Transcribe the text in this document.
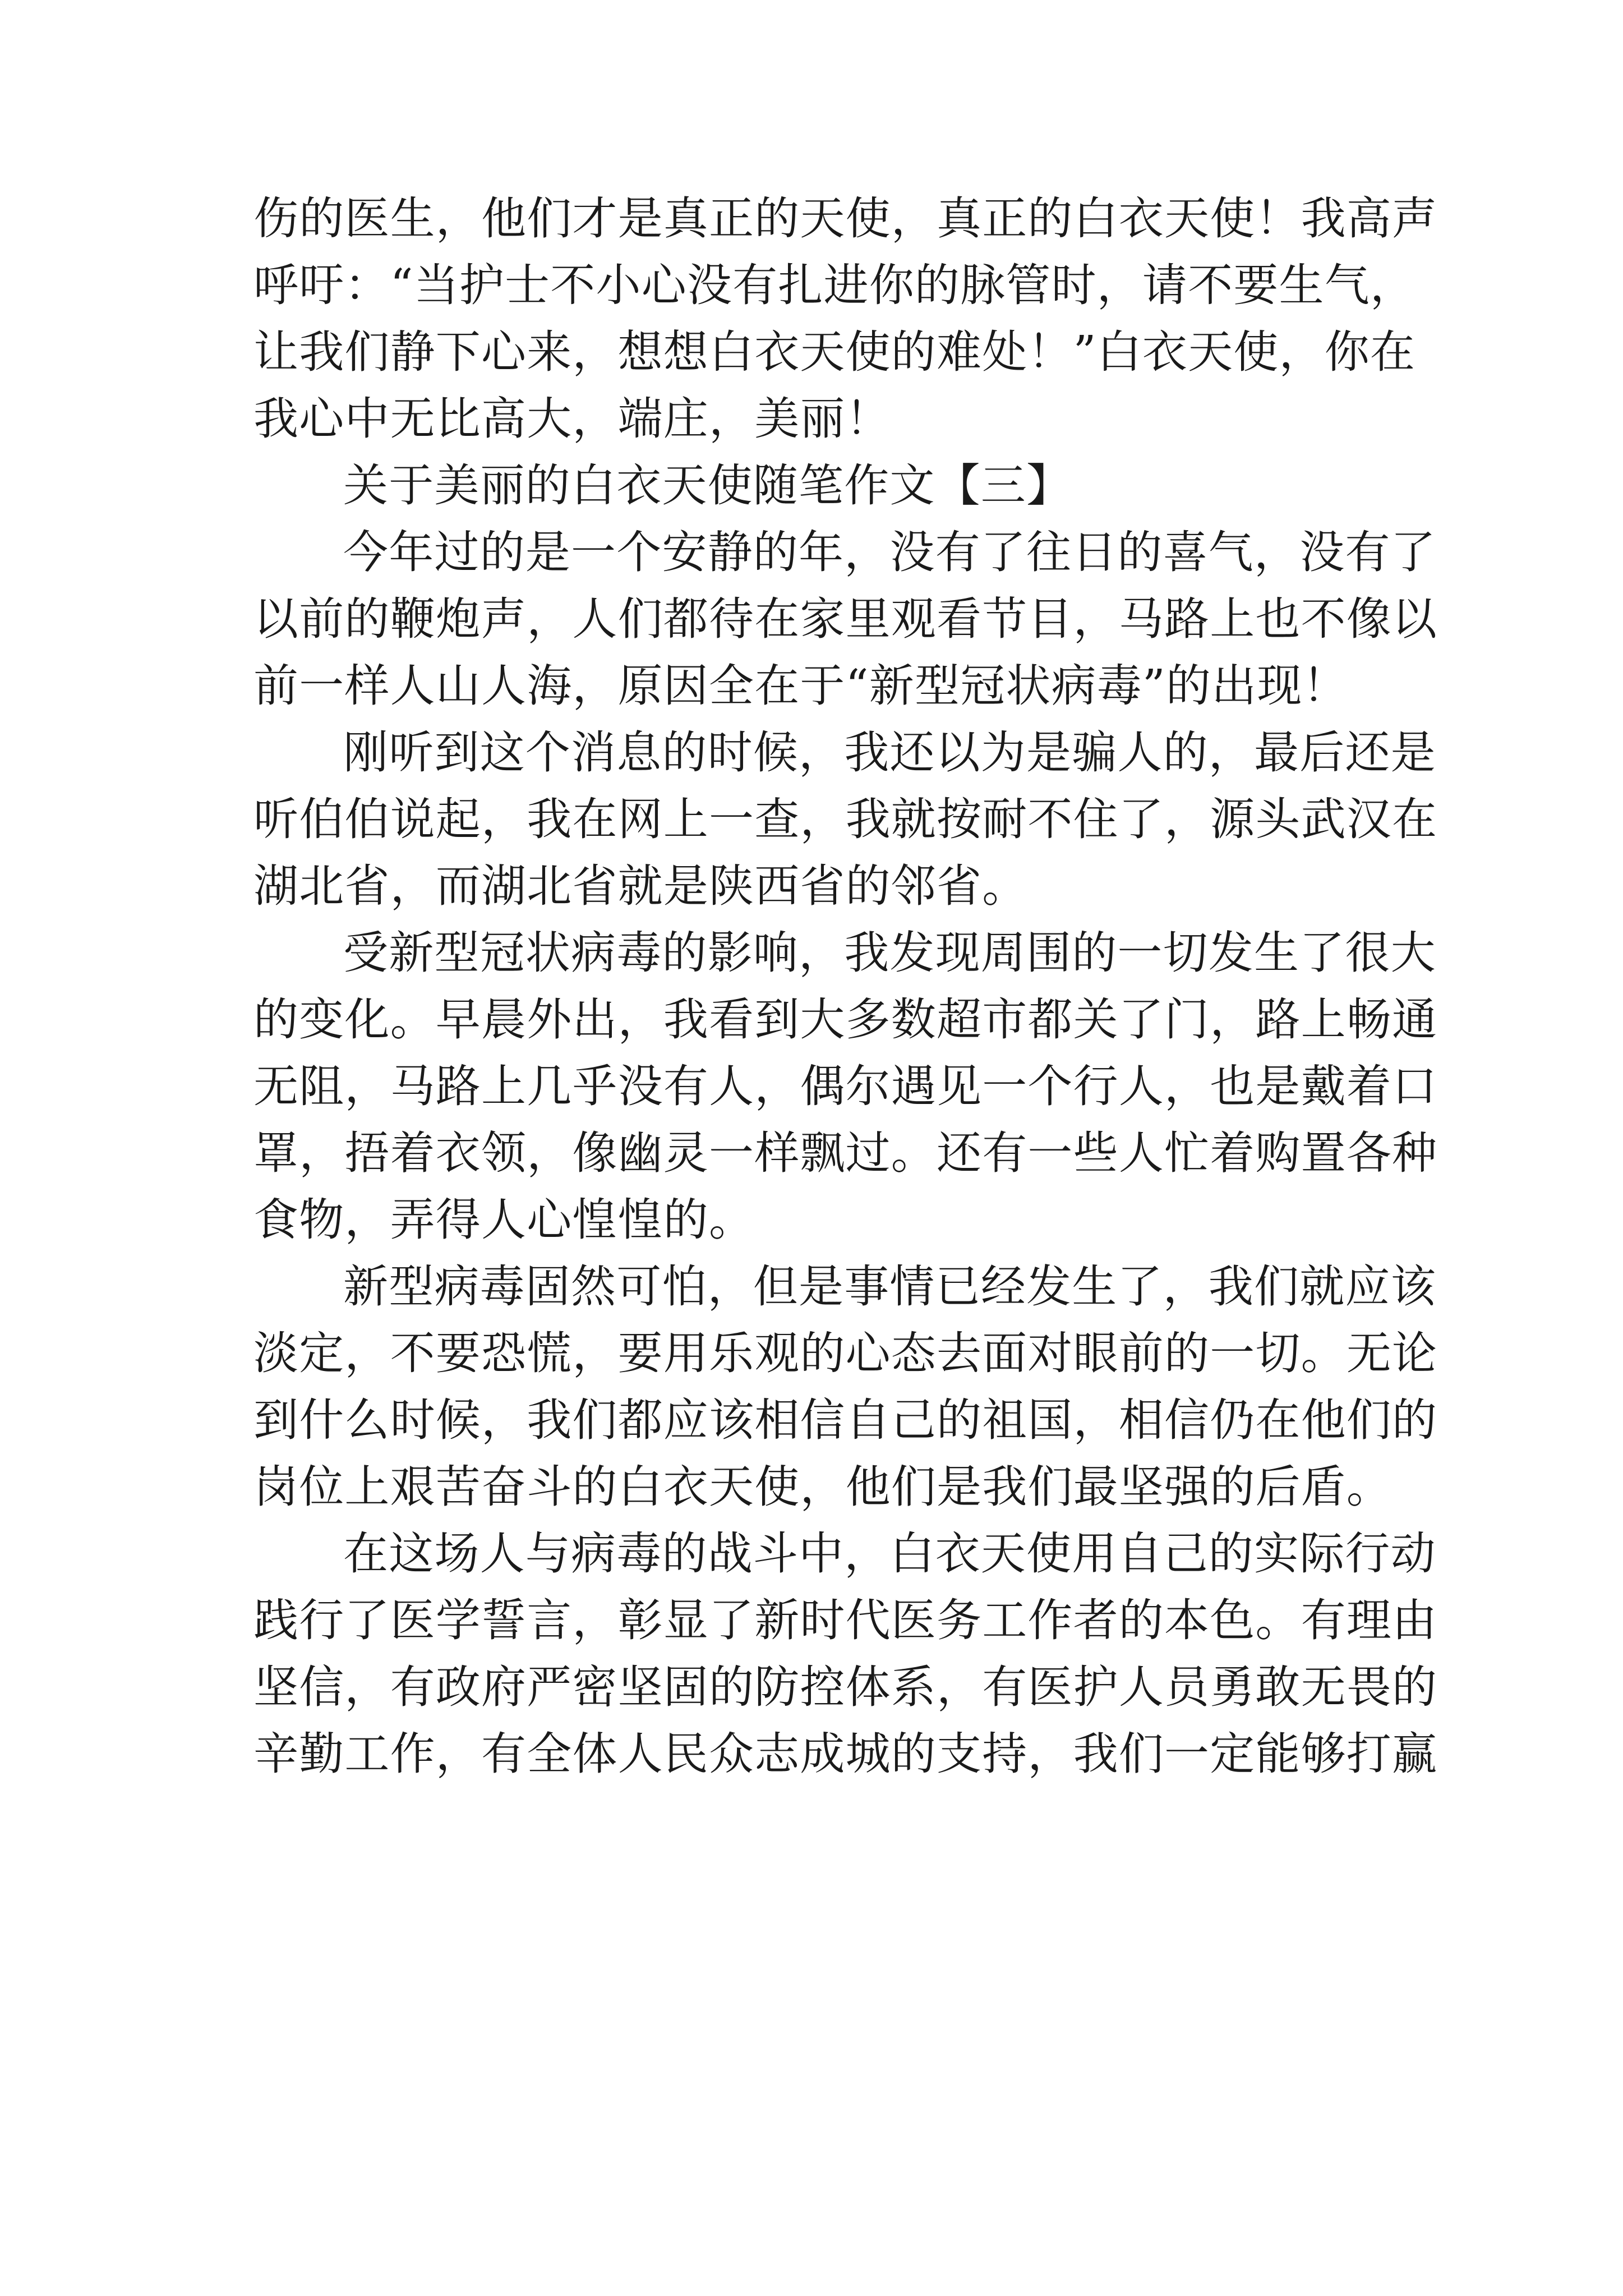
伤的医生，他们才是真正的天使，真正的白衣天使！我高声
呼吁：“当护士不小心没有扎进你的脉管时，请不要生气，
让我们静下心来，想想白衣天使的难处！”白衣天使，你在
我心中无比高大，端庄，美丽！
关于美丽的白衣天使随笔作文【三】
今年过的是一个安静的年，没有了往日的喜气，没有了
以前的鞭炮声，人们都待在家里观看节目，马路上也不像以
前一样人山人海，原因全在于“新型冠状病毒”的出现！
刚听到这个消息的时候，我还以为是骗人的，最后还是
听伯伯说起，我在网上一查，我就按耐不住了，源头武汉在
湖北省，而湖北省就是陕西省的邻省。
受新型冠状病毒的影响，我发现周围的一切发生了很大
的变化。早晨外出，我看到大多数超市都关了门，路上畅通
无阻，马路上几乎没有人，偶尔遇见一个行人，也是戴着口
罩，捂着衣领，像幽灵一样飘过。还有一些人忙着购置各种
食物，弄得人心惶惶的。
新型病毒固然可怕，但是事情已经发生了，我们就应该
淡定，不要恐慌，要用乐观的心态去面对眼前的一切。无论
到什么时候，我们都应该相信自己的祖国，相信仍在他们的
岗位上艰苦奋斗的白衣天使，他们是我们最坚强的后盾。
在这场人与病毒的战斗中，白衣天使用自己的实际行动
践行了医学誓言，彰显了新时代医务工作者的本色。有理由
坚信，有政府严密坚固的防控体系，有医护人员勇敢无畏的
辛勤工作，有全体人民众志成城的支持，我们一定能够打赢
